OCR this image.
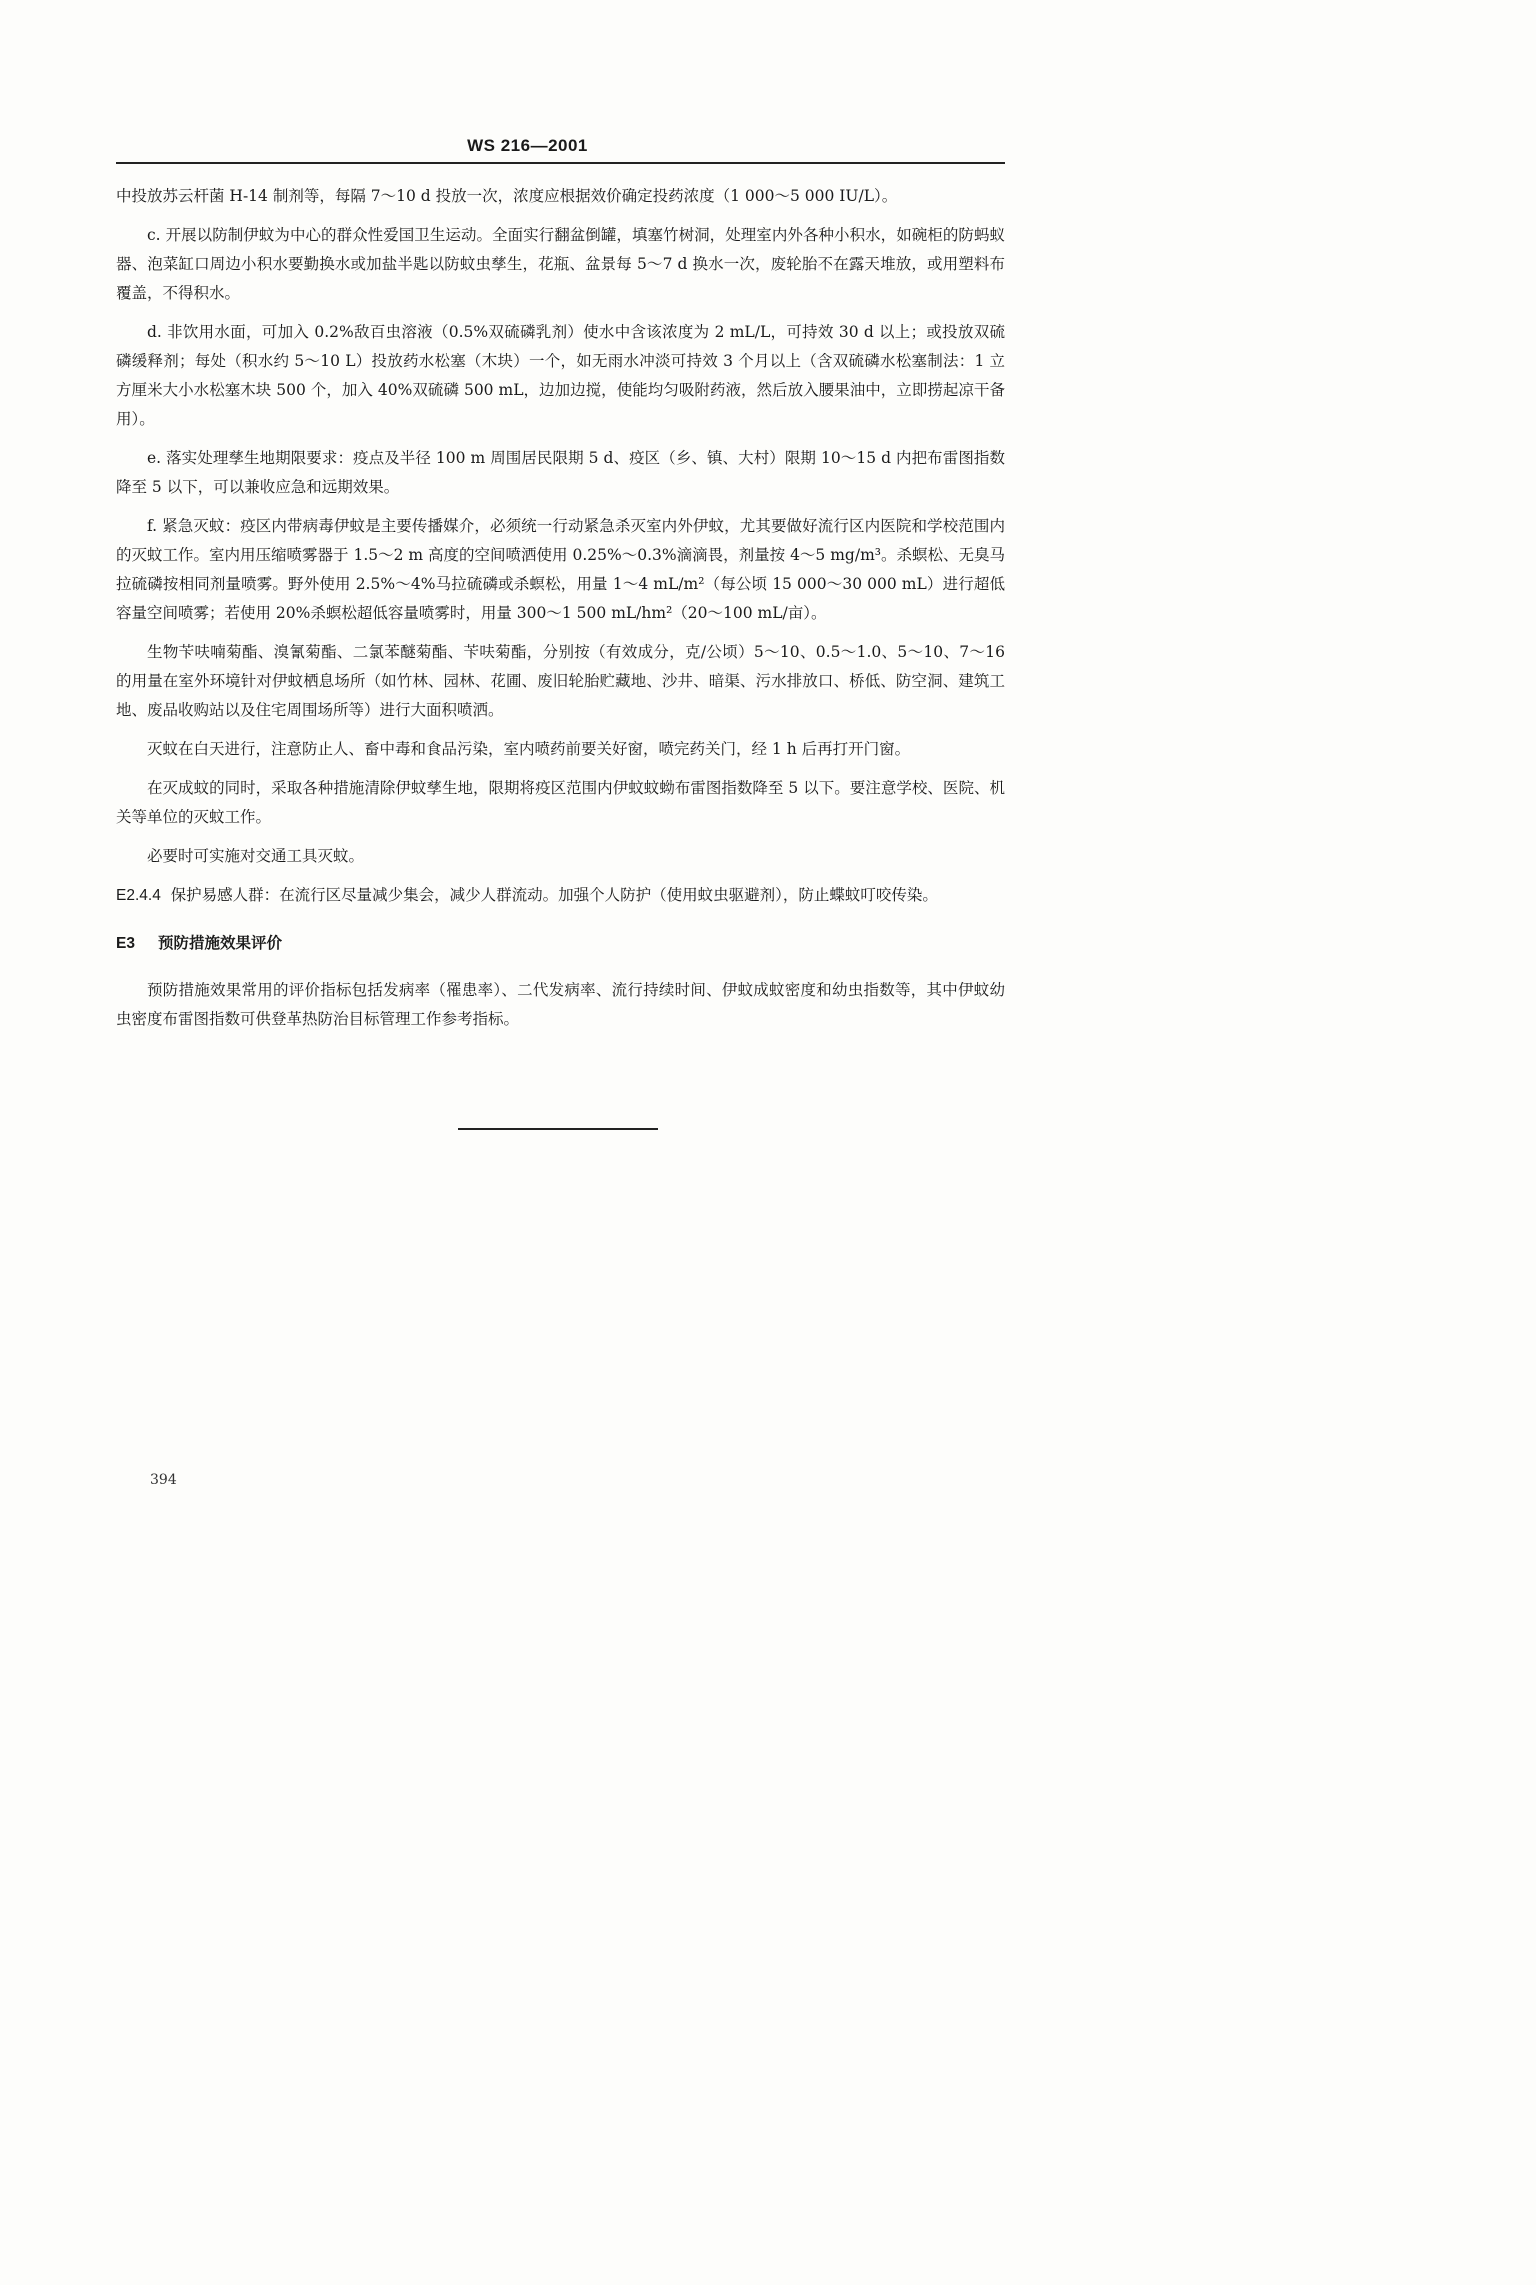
WS 216—2001

中投放苏云杆菌 H-14 制剂等，每隔 7～10 d 投放一次，浓度应根据效价确定投药浓度（1 000～5 000 IU/L）。

c. 开展以防制伊蚊为中心的群众性爱国卫生运动。全面实行翻盆倒罐，填塞竹树洞，处理室内外各种小积水，如碗柜的防蚂蚁器、泡菜缸口周边小积水要勤换水或加盐半匙以防蚊虫孳生，花瓶、盆景每 5～7 d 换水一次，废轮胎不在露天堆放，或用塑料布覆盖，不得积水。

d. 非饮用水面，可加入 0.2%敌百虫溶液（0.5%双硫磷乳剂）使水中含该浓度为 2 mL/L，可持效 30 d 以上；或投放双硫磷缓释剂；每处（积水约 5～10 L）投放药水松塞（木块）一个，如无雨水冲淡可持效 3 个月以上（含双硫磷水松塞制法：1 立方厘米大小水松塞木块 500 个，加入 40%双硫磷 500 mL，边加边搅，使能均匀吸附药液，然后放入腰果油中，立即捞起凉干备用）。

e. 落实处理孳生地期限要求：疫点及半径 100 m 周围居民限期 5 d、疫区（乡、镇、大村）限期 10～15 d 内把布雷图指数降至 5 以下，可以兼收应急和远期效果。

f. 紧急灭蚊：疫区内带病毒伊蚊是主要传播媒介，必须统一行动紧急杀灭室内外伊蚊，尤其要做好流行区内医院和学校范围内的灭蚊工作。室内用压缩喷雾器于 1.5～2 m 高度的空间喷洒使用 0.25%～0.3%滴滴畏，剂量按 4～5 mg/m³。杀螟松、无臭马拉硫磷按相同剂量喷雾。野外使用 2.5%～4%马拉硫磷或杀螟松，用量 1～4 mL/m²（每公顷 15 000～30 000 mL）进行超低容量空间喷雾；若使用 20%杀螟松超低容量喷雾时，用量 300～1 500 mL/hm²（20～100 mL/亩）。

生物苄呋喃菊酯、溴氰菊酯、二氯苯醚菊酯、苄呋菊酯，分别按（有效成分，克/公顷）5～10、0.5～1.0、5～10、7～16 的用量在室外环境针对伊蚊栖息场所（如竹林、园林、花圃、废旧轮胎贮藏地、沙井、暗渠、污水排放口、桥低、防空洞、建筑工地、废品收购站以及住宅周围场所等）进行大面积喷洒。

灭蚊在白天进行，注意防止人、畜中毒和食品污染，室内喷药前要关好窗，喷完药关门，经 1 h 后再打开门窗。

在灭成蚊的同时，采取各种措施清除伊蚊孳生地，限期将疫区范围内伊蚊蚊蚴布雷图指数降至 5 以下。要注意学校、医院、机关等单位的灭蚊工作。

必要时可实施对交通工具灭蚊。

E2.4.4 保护易感人群：在流行区尽量减少集会，减少人群流动。加强个人防护（使用蚊虫驱避剂），防止蝶蚊叮咬传染。

E3 预防措施效果评价

预防措施效果常用的评价指标包括发病率（罹患率）、二代发病率、流行持续时间、伊蚊成蚊密度和幼虫指数等，其中伊蚊幼虫密度布雷图指数可供登革热防治目标管理工作参考指标。

394
